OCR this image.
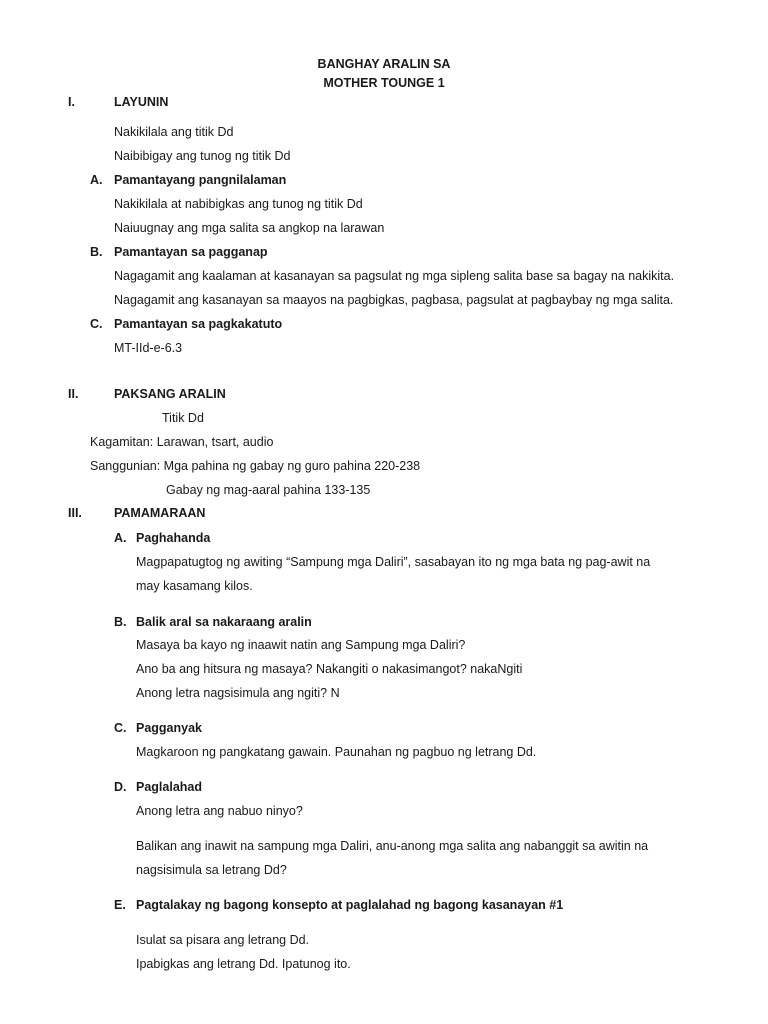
BANGHAY ARALIN SA
MOTHER TOUNGE 1
I.	LAYUNIN
Nakikilala ang titik Dd
Naibibigay ang tunog ng titik Dd
A. Pamantayang pangnilalaman
Nakikilala at nabibigkas ang tunog ng titik Dd
Naiuugnay ang mga salita sa angkop na larawan
B. Pamantayan sa pagganap
Nagagamit ang kaalaman at kasanayan sa pagsulat ng mga sipleng salita base sa bagay na nakikita.
Nagagamit ang kasanayan sa maayos na pagbigkas, pagbasa, pagsulat at pagbaybay ng mga salita.
C. Pamantayan sa pagkakatuto
MT-IId-e-6.3
II.	PAKSANG ARALIN
Titik Dd
Kagamitan: Larawan, tsart, audio
Sanggunian: Mga pahina ng gabay ng guro pahina 220-238
Gabay ng mag-aaral pahina 133-135
III.	PAMAMARAAN
A. Paghahanda
Magpapatugtog ng awiting “Sampung mga Daliri”, sasabayan ito ng mga bata ng pag-awit na
may kasamang kilos.
B. Balik aral sa nakaraang aralin
Masaya ba kayo ng inaawit natin ang Sampung mga Daliri?
Ano ba ang hitsura ng masaya? Nakangiti o nakasimangot? nakaNgiti
Anong letra nagsisimula ang ngiti? N
C. Pagganyak
Magkaroon ng pangkatang gawain. Paunahan ng pagbuo ng letrang Dd.
D. Paglalahad
Anong letra ang nabuo ninyo?
Balikan ang inawit na sampung mga Daliri, anu-anong mga salita ang nabanggit sa awitin na
nagsisimula sa letrang Dd?
E. Pagtalakay ng bagong konsepto at paglalahad ng bagong kasanayan #1
Isulat sa pisara ang letrang Dd.
Ipabigkas ang letrang Dd. Ipatunog ito.
